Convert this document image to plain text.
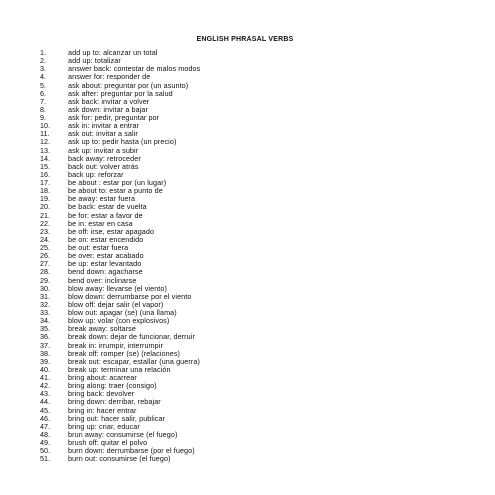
ENGLISH PHRASAL VERBS
1.	add up to: alcanzar un total
2.	add up: totalizar
3.	answer back: contestar de malos modos
4.	answer for: responder de
5.	ask about: preguntar por (un asunto)
6.	ask after: preguntar por la salud
7.	ask back: invitar a volver
8.	ask down: invitar a bajar
9.	ask for: pedir, preguntar por
10.	ask in: invitar a entrar
11.	ask out: invitar a salir
12.	ask up to: pedir hasta (un precio)
13.	ask up: invitar a subir
14.	back away: retroceder
15.	back out: volver atrás
16.	back up: reforzar
17.	be about : estar por (un lugar)
18.	be about to: estar a punto de
19.	be away: estar fuera
20.	be back: estar de vuelta
21.	be for: estar a favor de
22.	be in: estar en casa
23.	be off: irse, estar apagado
24.	be on: estar encendido
25.	be out: estar fuera
26.	be over: estar acabado
27.	be up: estar levantado
28.	bend down: agacharse
29.	bend over: inclinarse
30.	blow away: llevarse (el viento)
31.	blow down: derrumbarse por el viento
32.	blow off: dejar salir (el vapor)
33.	blow out: apagar (se) (una llama)
34.	blow up: volar (con explosivos)
35.	break away: soltarse
36.	break down: dejar de funcionar, derruir
37.	break in: irrumpir, interrumpir
38.	break off: romper (se) (relaciones)
39.	break out: escapar, estallar (una guerra)
40.	break up: terminar una relación
41.	bring about: acarrear
42.	bring along: traer (consigo)
43.	bring back: devolver
44.	bring down: derribar, rebajar
45.	bring in: hacer entrar
46.	bring out: hacer salir, publicar
47.	bring up: criar, educar
48.	brun away: consumirse (el fuego)
49.	brush off: quitar el polvo
50.	burn down: derrumbarse (por el fuego)
51.	burn out: consumirse (el fuego)
